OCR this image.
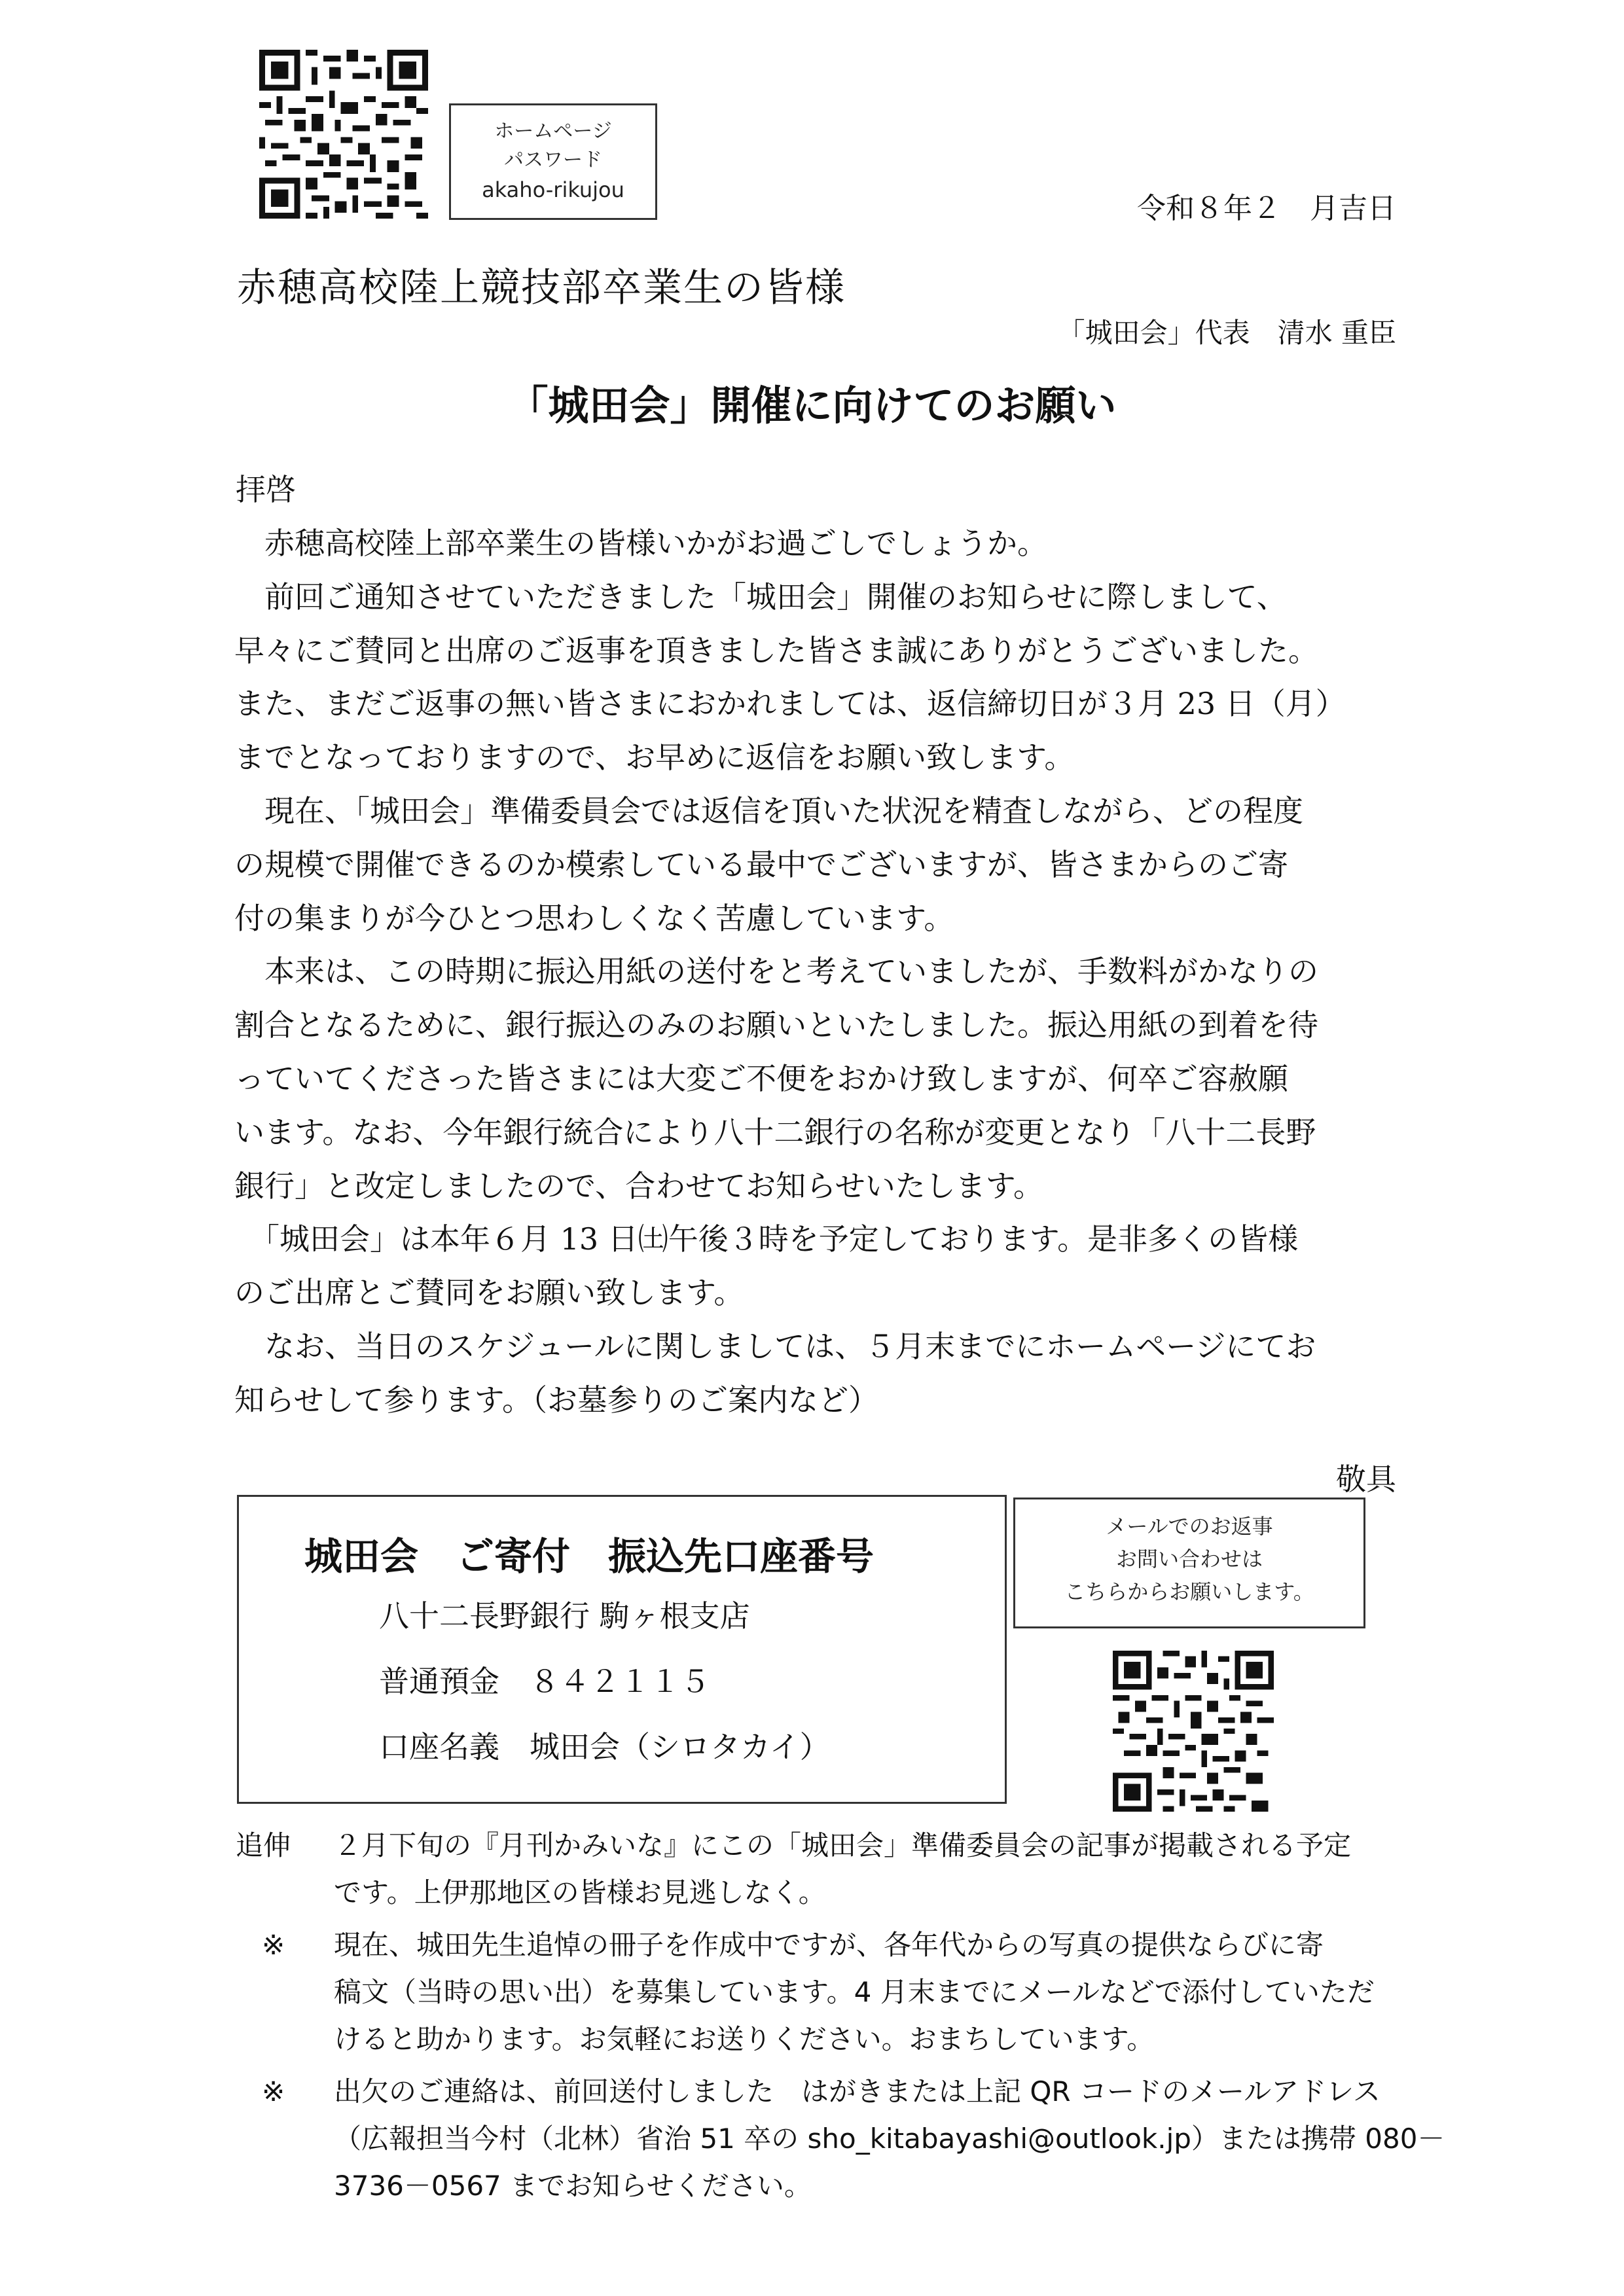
ホームページ
パスワード
akaho-rikujou
令和８年２　月吉日
赤穂高校陸上競技部卒業生の皆様
「城田会」代表　清水 重臣
「城田会」開催に向けてのお願い
拝啓
　赤穂高校陸上部卒業生の皆様いかがお過ごしでしょうか。
　前回ご通知させていただきました「城田会」開催のお知らせに際しまして、
早々にご賛同と出席のご返事を頂きました皆さま誠にありがとうございました。
また、まだご返事の無い皆さまにおかれましては、返信締切日が３月 23 日（月）
までとなっておりますので、お早めに返信をお願い致します。
　現在、「城田会」準備委員会では返信を頂いた状況を精査しながら、どの程度
の規模で開催できるのか模索している最中でございますが、皆さまからのご寄
付の集まりが今ひとつ思わしくなく苦慮しています。
　本来は、この時期に振込用紙の送付をと考えていましたが、手数料がかなりの
割合となるために、銀行振込のみのお願いといたしました。振込用紙の到着を待
っていてくださった皆さまには大変ご不便をおかけ致しますが、何卒ご容赦願
います。なお、今年銀行統合により八十二銀行の名称が変更となり「八十二長野
銀行」と改定しましたので、合わせてお知らせいたします。
　「城田会」は本年６月 13 日㈯午後３時を予定しております。是非多くの皆様
のご出席とご賛同をお願い致します。
　なお、当日のスケジュールに関しましては、５月末までにホームページにてお
知らせして参ります。（お墓参りのご案内など）
敬具
城田会　ご寄付　振込先口座番号
八十二長野銀行 駒ヶ根支店
普通預金　８４２１１５
口座名義　城田会（シロタカイ）
メールでのお返事
お問い合わせは
こちらからお願いします。
追伸 ２月下旬の『月刊かみいな』にこの「城田会」準備委員会の記事が掲載される予定
です。上伊那地区の皆様お見逃しなく。
※ 現在、城田先生追悼の冊子を作成中ですが、各年代からの写真の提供ならびに寄
稿文（当時の思い出）を募集しています。4 月末までにメールなどで添付していただ
けると助かります。お気軽にお送りください。おまちしています。
※ 出欠のご連絡は、前回送付しました　はがきまたは上記 QR コードのメールアドレス
（広報担当今村（北林）省治 51 卒の sho_kitabayashi@outlook.jp）または携帯 080－
3736－0567 までお知らせください。
